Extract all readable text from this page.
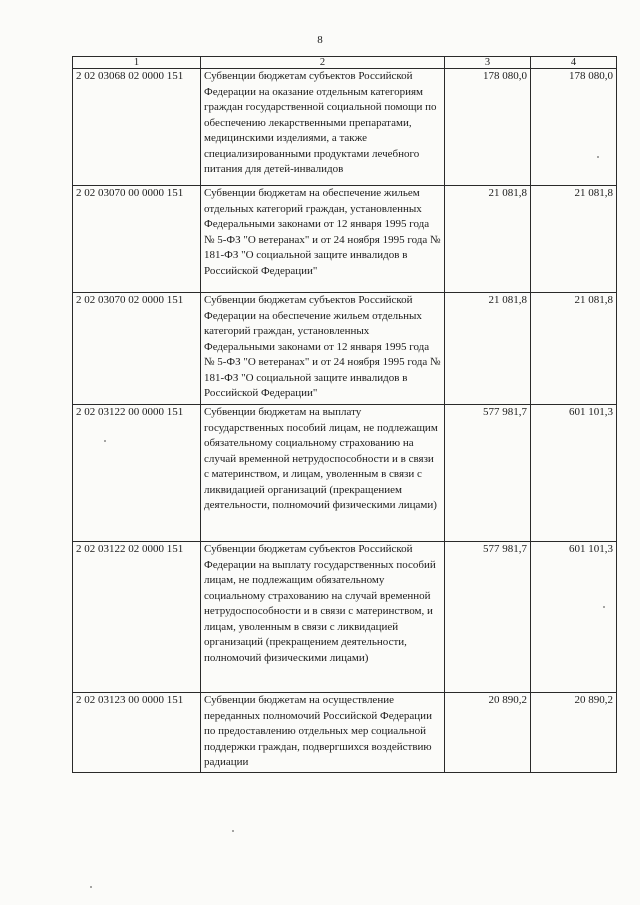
8
1	2	3	4
2 02 03068 02 0000 151	Субвенции бюджетам субъектов Российской Федерации на оказание отдельным категориям граждан государственной социальной помощи по обеспечению лекарственными препаратами, медицинскими изделиями, а также специализированными продуктами лечебного питания для детей-инвалидов	178 080,0	178 080,0
2 02 03070 00 0000 151	Субвенции бюджетам на обеспечение жильем отдельных категорий граждан, установленных Федеральными законами от 12 января 1995 года № 5-ФЗ "О ветеранах" и от 24 ноября 1995 года № 181-ФЗ "О социальной защите инвалидов в Российской Федерации"	21 081,8	21 081,8
2 02 03070 02 0000 151	Субвенции бюджетам субъектов Российской Федерации на обеспечение жильем отдельных категорий граждан, установленных Федеральными законами от 12 января 1995 года № 5-ФЗ "О ветеранах" и от 24 ноября 1995 года № 181-ФЗ "О социальной защите инвалидов в Российской Федерации"	21 081,8	21 081,8
2 02 03122 00 0000 151	Субвенции бюджетам на выплату государственных пособий лицам, не подлежащим обязательному социальному страхованию на случай временной нетрудоспособности и в связи с материнством, и лицам, уволенным в связи с ликвидацией организаций (прекращением деятельности, полномочий физическими лицами)	577 981,7	601 101,3
2 02 03122 02 0000 151	Субвенции бюджетам субъектов Российской Федерации на выплату государственных пособий лицам, не подлежащим обязательному социальному страхованию на случай временной нетрудоспособности и в связи с материнством, и лицам, уволенным в связи с ликвидацией организаций (прекращением деятельности, полномочий физическими лицами)	577 981,7	601 101,3
2 02 03123 00 0000 151	Субвенции бюджетам на осуществление переданных полномочий Российской Федерации по предоставлению отдельных мер социальной поддержки граждан, подвергшихся воздействию радиации	20 890,2	20 890,2
